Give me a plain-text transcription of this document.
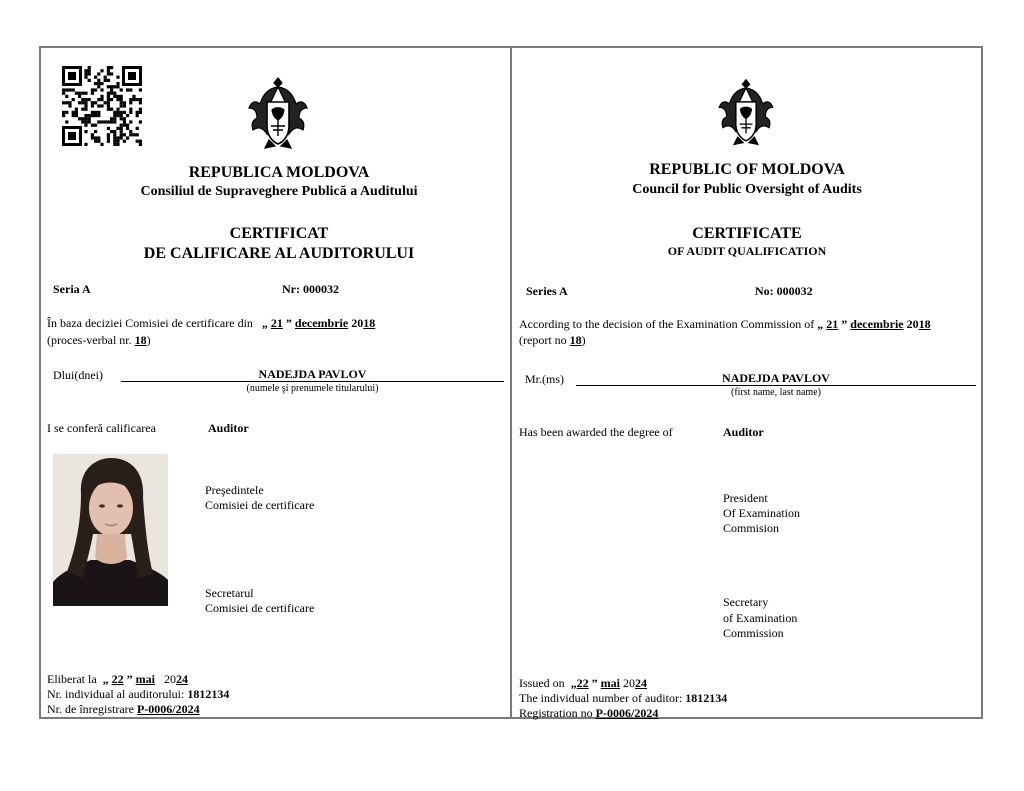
REPUBLICA MOLDOVA
Consiliul de Supraveghere Publică a Auditului
CERTIFICAT
DE CALIFICARE AL AUDITORULUI
Seria A	Nr: 000032
În baza deciziei Comisiei de certificare din „ 21 ” decembrie 2018
(proces-verbal nr. 18)
Dlui(dnei)	NADEJDA PAVLOV
(numele şi prenumele titularului)
I se conferă calificarea	Auditor
Preşedintele
Comisiei de certificare
Secretarul
Comisiei de certificare
Eliberat la „ 22 ” mai 2024
Nr. individual al auditorului: 1812134
Nr. de înregistrare P-0006/2024
REPUBLIC OF MOLDOVA
Council for Public Oversight of Audits
CERTIFICATE
OF AUDIT QUALIFICATION
Series A	No: 000032
According to the decision of the Examination Commission of „ 21 ” decembrie 2018
(report no 18)
Mr.(ms)	NADEJDA PAVLOV
(first name, last name)
Has been awarded the degree of	Auditor
President
Of Examination
Commision
Secretary
of Examination
Commission
Issued on „22 ” mai 2024
The individual number of auditor: 1812134
Registration no P-0006/2024
